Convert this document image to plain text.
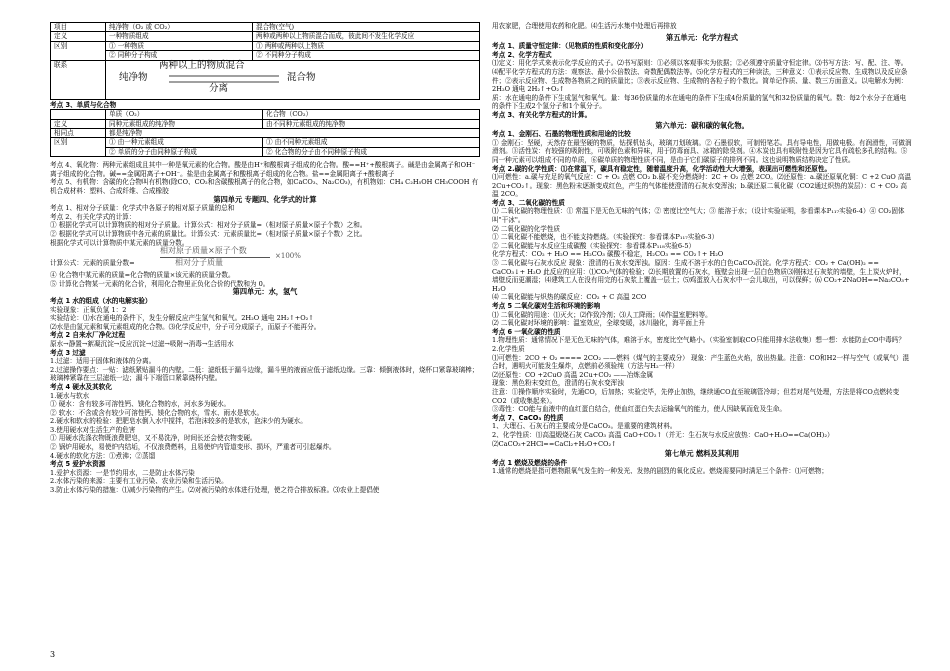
项目	纯净物（O₂ 或 CO₂）	混合物(空气)
定义	一种物质组成	两种或两种以上物质混合而成，彼此间不发生化学反应
区别	① 一种物质	① 两种或两种以上物质
	② 同种分子构成	② 不同种分子构成
联系	两种以上的物质混合
纯净物 混合物
分离	

考点 3、单质与化合物

	单质（O₂）	化合物（CO₂）
定义	同种元素组成的纯净物	由不同种元素组成的纯净物
相同点	都是纯净物	
区别	① 由一种元素组成	① 由不同种元素组成
	② 单质的分子由同种原子构成	② 化合物的分子由不同种原子构成

考点 4、氧化物：两种元素组成且其中一种是氧元素的化合物。酸是由H⁺和酸根离子组成的化合物。酸==H⁺+酸根离子。碱是由金属离子和OH⁻离子组成的化合物。碱==金属阳离子+OH⁻。盐是由金属离子和酸根离子组成的化合物。盐==金属阳离子+酸根离子

考点 5、有机物：含碳的化合物叫有机物(除CO、CO₂和含碳酸根离子的化合物，如CaCO₃、Na₂CO₃)，有机物如：CH₄ C₂H₅OH CH₃COOH 有机合成材料：塑料、合成纤维、合成橡胶

第四单元 专题四、化学式的计算

考点 1、相对分子质量：化学式中各原子的相对原子质量的总和

考点 2、有关化学式的计算：

① 根据化学式可以计算物质的相对分子质量。计算公式：相对分子质量=（相对原子质量×原子个数）之和。

② 根据化学式可以计算物质中各元素的质量比。计算公式：元素质量比=（相对原子质量×原子个数）之比。

根据化学式可以计算物质中某元素的质量分数。

计算公式：元素的质量分数=
相对原子质量×原子个数
相对分子质量
×100%

④ 化合物中某元素的质量=化合物的质量×该元素的质量分数。

⑤ 计算化合物某一元素的化合价，利用化合物里正负化合价的代数和为 0。

第四单元：水，氢气

考点 1 水的组成（水的电解实验）

实验现象：正氧负氢 1：2

实验结论：⑴水在通电的条件下，发生分解反应产生氢气和氧气。2H₂O 通电 2H₂↑+O₂↑

⑵水是由氢元素和氧元素组成的化合物。⑶化学反应中，分子可分成原子，而原子不能再分。

考点 2 自来水厂净化过程

原水→静置→絮凝沉淀→反应沉淀→过滤→吸附→消毒→生活用水

考点 3 过滤

1.过滤：适用于固体和液体的分离。

2.过滤操作要点：一贴：滤纸紧贴漏斗的内壁。二低：滤纸低于漏斗边缘，漏斗里的液面应低于滤纸边缘。三靠：倾倒液体时，烧杯口紧靠玻璃棒；玻璃棒紧靠在三层滤纸一边；漏斗下端管口紧靠烧杯内壁。

考点 4 硬水及其软化

1.硬水与软水

① 硬水：含有较多可溶性钙、镁化合物的水，河水多为硬水。

② 软水：不含或含有较少可溶性钙、镁化合物的水，雪水、雨水是软水。

2.硬水和软水的检验：把肥皂水倒入水中搅拌，若泡沫较多的是软水，泡沫少的为硬水。

3.使用硬水对生活生产的危害

① 用硬水洗涤衣物既浪费肥皂，又不易洗净，时间长还会使衣物变硬。

② 锅炉用硬水，易使炉内结垢，不仅浪费燃料，且易使炉内管道变形、损坏，严重者可引起爆炸。

4.硬水的软化方法：①煮沸；②蒸馏

考点 5 爱护水资源

1.爱护水资源：一是节约用水，二是防止水体污染

2.水体污染的来源：主要有工业污染、农业污染和生活污染。

3.防止水体污染的措施：⑴减少污染物的产生。⑵对被污染的水体进行处理，使之符合排放标准。⑶农业上提倡使

用农家肥，合理使用农药和化肥。⑷生活污水集中处理后再排放

第五单元：化学方程式

考点 1、质量守恒定律：（见物质的性质和变化部分）

考点 2、化学方程式

⑴定义：用化学式来表示化学反应的式子。⑵书写原则：①必须以客观事实为依据；②必须遵守质量守恒定律。⑶书写方法：写、配、注、等。⑷配平化学方程式的方法：观察法、最小公倍数法、奇数配偶数法等。⑸化学方程式的三种读法，三种意义：①表示反应物、生成物以及反应条件；②表示反应物、生成物各物质之间的质量比；③表示反应物、生成物的各粒子的个数比。简单记作质、量、数三方面意义。以电解水为例：2H₂O 通电 2H₂↑+O₂↑

质：水在通电的条件下生成氢气和氧气。量：每36份质量的水在通电的条件下生成4份质量的氢气和32份质量的氧气。数：每2个水分子在通电的条件下生成2个氢分子和1个氧分子。

考点 3、有关化学方程式的计算。

第六单元：碳和碳的氧化物。

考点 1、金刚石、石墨的物理性质和用途的比较

① 金刚石：坚硬，天然存在最坚硬的物质，钻探机钻头，玻璃刀划玻璃。② 石墨很软，可制铅笔芯。具有导电性，用做电极。有润滑性，可做润滑剂。③活性炭：有较强的吸附性，可吸附色素和异味，用于防毒面具、冰箱的除臭剂。④木炭也具有吸附性是因为它具有疏松多孔的结构。⑤同一种元素可以组成不同的单质，⑥碳单质的物理性质不同，是由于它们碳原子的排列不同。这也说明物质结构决定了性质。

考点 2.碳的化学性质：⑴在常温下，碳具有稳定性，随着温度升高，化学活动性大大增强，表现出可燃性和还原性。

⑴可燃性：a.碳与充足的氧气反应：C + O₂ 点燃 CO₂ b.碳不充分燃烧时：2C + O₂ 点燃 2CO。⑵还原性：a.碳还原氧化铜：C +2 CuO 高温 2Cu+CO₂↑。现象：黑色粉末逐渐变成红色，产生的气体能使澄清的石灰水变浑浊；b.碳还原二氧化碳（CO2通过炽热的炭层）：C + CO₂ 高温 2CO。

考点 3、二氧化碳的性质

⑴ 二氧化碳的物理性质：① 常温下是无色无味的气体；② 密度比空气大；③ 能溶于水；（设计实验证明，参看课本P₁₁₇实验6-4）④ CO₂固体叫"干冰"。

⑵ 二氧化碳的化学性质

① 二氧化碳不能燃烧，也不能支持燃烧。（实验探究：参看课本P₁₁₇实验6-3）

② 二氧化碳能与水反应生成碳酸（实验探究：参看课本P₁₁₈实验6-5）

化学方程式：CO₂ + H₂O == H₂CO₃ 碳酸不稳定，H₂CO₃ == CO₂↑+ H₂O

③ 二氧化碳与石灰水反应 现象：澄清的石灰水变浑浊。原因：生成不溶于水的白色CaCO₃沉淀。化学方程式：CO₂ + Ca(OH)₂ == CaCO₃↓+ H₂O 此反应的应用：⑴CO₂气体的检验；⑵长期放置的石灰水，瓶壁会出现一层白色物质⑶刚抹过石灰浆的墙壁，生上炭火炉时，墙壁反而更潮湿；⑷建筑工人在没有用完的石灰浆上覆盖一层土；⑸鸡蛋放入石灰水中一会儿取出，可以保鲜；⑹ CO₂+2NaOH==Na₂CO₃+ H₂O

⑷ 二氧化碳能与炽热的碳反应：CO₂ + C 高温 2CO

考点 5 二氧化碳对生活和环境的影响

⑴ 二氧化碳的用途：⑴灭火；⑵作致冷剂；⑶人工降雨；⑷作温室肥料等。

⑵ 二氧化碳对环境的影响：温室效应，全球变暖，冰川融化，海平面上升

考点 6 一氧化碳的性质

1.物理性质：通常情况下是无色无味的气体，难溶于水，密度比空气略小。（实验室制取CO只能用排水法收集）想一想：水能防止CO中毒吗？

2.化学性质

⑴可燃性：2CO + O₂ ==== 2CO₂ ——燃料（煤气的主要成分） 现象：产生蓝色火焰，放出热量。注意：CO和H2一样与空气（或氧气）混合时，遇明火可能发生爆炸，点燃前必须验纯（方法与H₂一样）

⑵还原性：CO +2CuO 高温 2Cu+CO₂ ——冶炼金属

现象：黑色粉末变红色，澄清的石灰水变浑浊

注意：①操作顺序实验时，先通CO，后加热；实验完毕，先停止加热，继续通CO直至玻璃管冷却；但若对尾气处理，方法是将CO点燃转变CO2（或收集起来）。

③毒性：CO能与血液中的血红蛋白结合，使血红蛋白失去运输氧气的能力，使人因缺氧而危及生命。

考点 7、CaCO₃ 的性质

1、大理石、石灰石的主要成分是CaCO₃。是重要的建筑材料。

2、化学性质：⑴高温煅烧石灰 CaCO₃ 高温 CaO+CO₂↑（并无：生石灰与水反应放热：CaO+H₂O==Ca(OH)₂）⑵CaCO₃+2HCl==CaCl₂+H₂O+CO₂↑

第七单元 燃料及其利用

考点 1 燃烧及燃烧的条件

1.通常的燃烧是指可燃物跟氧气发生的一种发光、发热的剧烈的氧化反应。燃烧需要同时满足三个条件：⑴可燃物；

3
